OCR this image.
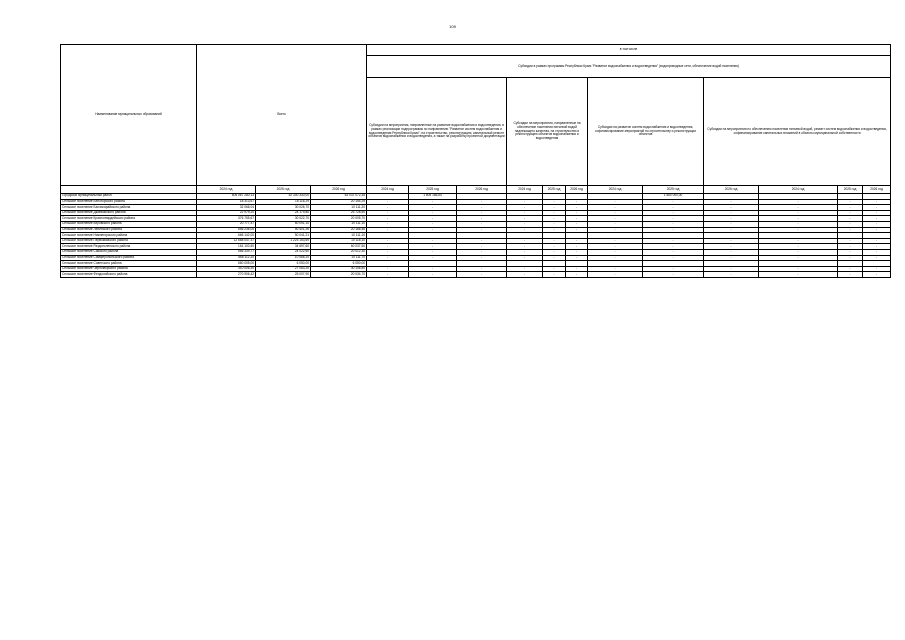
109
Наименование муниципальных образований	Всего			в том числе											
				Субсидии в рамках программы Республики Крым "Развитие водоснабжения и водоотведения" (водопроводные сети, обеспечение водой населения)											
				Субсидии на мероприятия, направленные на развитие водоснабжения и водоотведения, в рамках реализации подпрограммы по направлению "Развитие систем водоснабжения и водоотведения Республики Крым"; на строительство, реконструкцию, капитальный ремонт объектов водоснабжения и водоотведения, а также на разработку проектной документации			Субсидии на мероприятия, направленные на обеспечение населения питьевой водой надлежащего качества, на строительство и реконструкцию объектов водоснабжения и водоотведения			Субсидии на развитие систем водоснабжения и водоотведения, софинансирование мероприятий по строительству и реконструкции объектов		Субсидии на мероприятия по обеспечению населения питьевой водой, ремонт систем водоснабжения и водоотведения, софинансирование капитальных вложений в объекты муниципальной собственности			
	2024 год	2025 год	2026 год	2024 год	2025 год	2026 год	2024 год	2025 год	2026 год	2024 год	2025 год	2026 год	2024 год	2025 год	2026 год
Городской муниципальный район	605 067 280,13	52 300 330,00	63 037 072,35		1 605 186,64						1 560 000,00				
Сельское поселение Белогорского района	18 313,67	16 116,29	20 154,29	-	-	-	-	-	-	-	-	-	-	-	-
Сельское поселение Бахчисарайского района	32 066,04	30 026,70	10 111,20	-	-	-	-	-	-	-	-	-	-	-	-
Сельское поселение Джанкойского района	22 979,20	24 179,80	25 728,50	-	-	-	-	-	-	-	-	-	-	-	-
Сельское поселение Красногвардейского района	376 755,67	30 022,70	20 005,70	-	-	-	-	-	-	-	-	-	-	-	-
Сельское поселение Кировского района	20 777,47	60 091,10	10 111,10	-	-	-	-	-	-	-	-	-	-	-	-
Сельское поселение Ленинского района	656 236,05	50 401,26	20 166,46	-	-	-	-	-	-	-	-	-	-	-	-
Сельское поселение Нижнегорского района	666 142,00	50 041,21	10 111,10												
Сельское поселение Первомайского района	12 668 047,37	1 225 153,69	10 116,10	-	-	-	-	-	-	-	-	-	-	-	-
Сельское поселение Раздольненского района	161 100,50	34 697,60	60 037,50	-	-	-	-	-	-	-	-	-	-	-	-
Сельское поселение Сакского района	566 339,77	24 022,60	20 012,30	-	-	-	-	-	-	-	-	-	-	-	-
Сельское поселение Симферопольского района	566 112,20	10 066,20	10 111,70	-	-	-	-	-	-	-	-	-	-	-	-
Сельское поселение Советского района	660 005,00	6 050,00	6 050,00												
Сельское поселение Черноморского района	310 006,30	27 063,20	30 106,80	-	-	-	-	-	-	-	-	-	-	-	-
Сельское поселение Феодосийского района	270 906,42	25 007,90	20 034,70	-	-	-	-	-	-	-	-	-	-	-	-
